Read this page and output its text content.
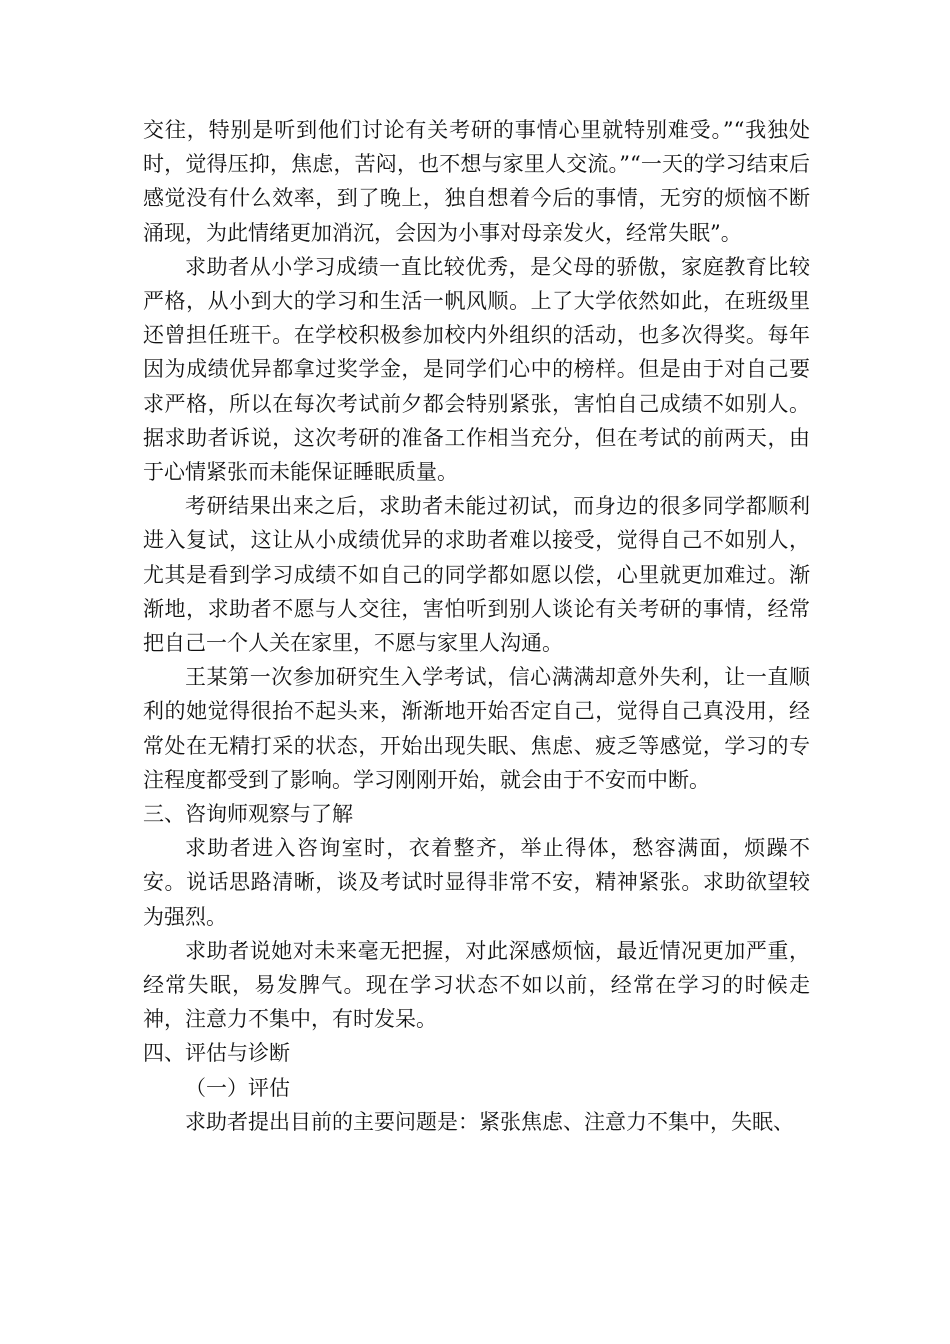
交往，特别是听到他们讨论有关考研的事情心里就特别难受。”“我独处时，觉得压抑，焦虑，苦闷，也不想与家里人交流。”“一天的学习结束后感觉没有什么效率，到了晚上，独自想着今后的事情，无穷的烦恼不断涌现，为此情绪更加消沉，会因为小事对母亲发火，经常失眠”。

求助者从小学习成绩一直比较优秀，是父母的骄傲，家庭教育比较严格，从小到大的学习和生活一帆风顺。上了大学依然如此，在班级里还曾担任班干。在学校积极参加校内外组织的活动，也多次得奖。每年因为成绩优异都拿过奖学金，是同学们心中的榜样。但是由于对自己要求严格，所以在每次考试前夕都会特别紧张，害怕自己成绩不如别人。据求助者诉说，这次考研的准备工作相当充分，但在考试的前两天，由于心情紧张而未能保证睡眠质量。

考研结果出来之后，求助者未能过初试，而身边的很多同学都顺利进入复试，这让从小成绩优异的求助者难以接受，觉得自己不如别人，尤其是看到学习成绩不如自己的同学都如愿以偿，心里就更加难过。渐渐地，求助者不愿与人交往，害怕听到别人谈论有关考研的事情，经常把自己一个人关在家里，不愿与家里人沟通。

王某第一次参加研究生入学考试，信心满满却意外失利，让一直顺利的她觉得很抬不起头来，渐渐地开始否定自己，觉得自己真没用，经常处在无精打采的状态，开始出现失眠、焦虑、疲乏等感觉，学习的专注程度都受到了影响。学习刚刚开始，就会由于不安而中断。

三、咨询师观察与了解

求助者进入咨询室时，衣着整齐，举止得体，愁容满面，烦躁不安。说话思路清晰，谈及考试时显得非常不安，精神紧张。求助欲望较为强烈。

求助者说她对未来毫无把握，对此深感烦恼，最近情况更加严重，经常失眠，易发脾气。现在学习状态不如以前，经常在学习的时候走神，注意力不集中，有时发呆。

四、评估与诊断

（一）评估

求助者提出目前的主要问题是：紧张焦虑、注意力不集中，失眠、
